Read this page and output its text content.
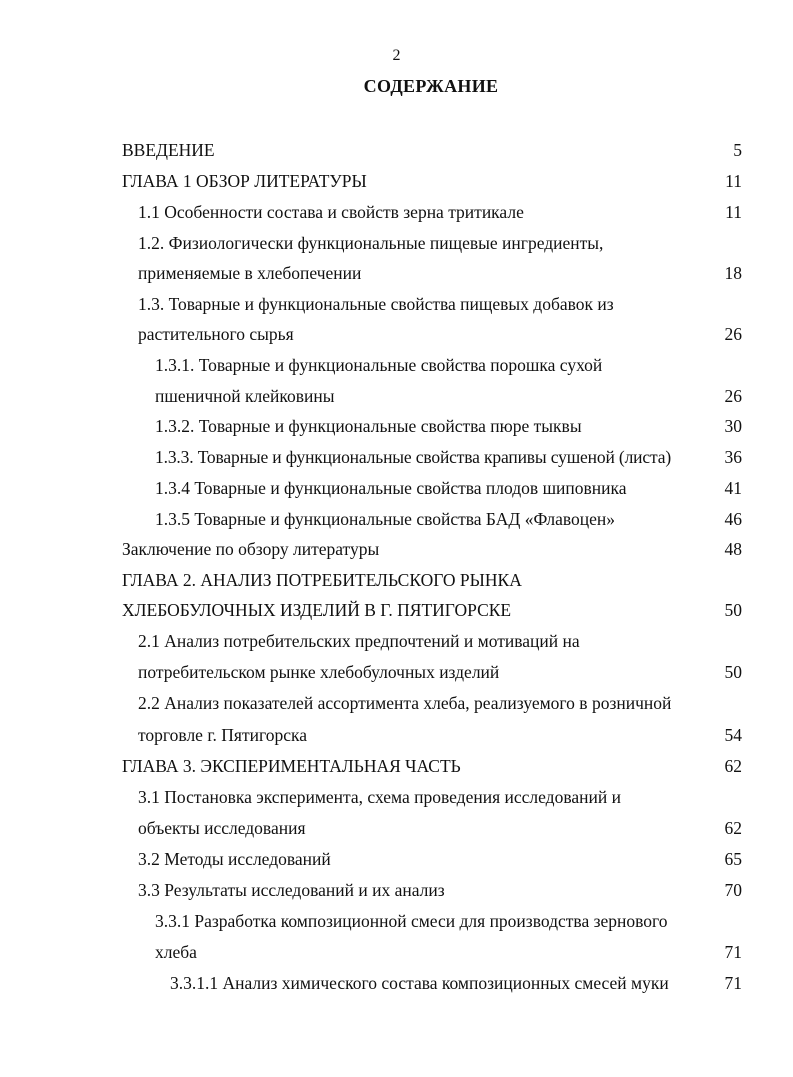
2
СОДЕРЖАНИЕ
ВВЕДЕНИЕ	5
ГЛАВА 1 ОБЗОР ЛИТЕРАТУРЫ	11
1.1 Особенности состава и свойств зерна тритикале	11
1.2. Физиологически функциональные пищевые ингредиенты,
применяемые в хлебопечении	18
1.3. Товарные и функциональные свойства пищевых добавок из
растительного сырья	26
1.3.1. Товарные и функциональные свойства порошка сухой
пшеничной клейковины	26
1.3.2. Товарные и функциональные свойства пюре тыквы	30
1.3.3. Товарные и функциональные свойства крапивы сушеной (листа)	36
1.3.4 Товарные и функциональные свойства плодов шиповника	41
1.3.5 Товарные и функциональные свойства БАД «Флавоцен»	46
Заключение по обзору литературы	48
ГЛАВА 2. АНАЛИЗ ПОТРЕБИТЕЛЬСКОГО РЫНКА
ХЛЕБОБУЛОЧНЫХ ИЗДЕЛИЙ В Г. ПЯТИГОРСКЕ	50
2.1 Анализ потребительских предпочтений и мотиваций на
потребительском рынке хлебобулочных изделий	50
2.2 Анализ показателей ассортимента хлеба, реализуемого в розничной
торговле г. Пятигорска	54
ГЛАВА 3. ЭКСПЕРИМЕНТАЛЬНАЯ ЧАСТЬ	62
3.1 Постановка эксперимента, схема проведения исследований и
объекты исследования	62
3.2 Методы исследований	65
3.3 Результаты исследований и их анализ	70
3.3.1 Разработка композиционной смеси для производства зернового
хлеба	71
3.3.1.1 Анализ химического состава композиционных смесей муки	71
